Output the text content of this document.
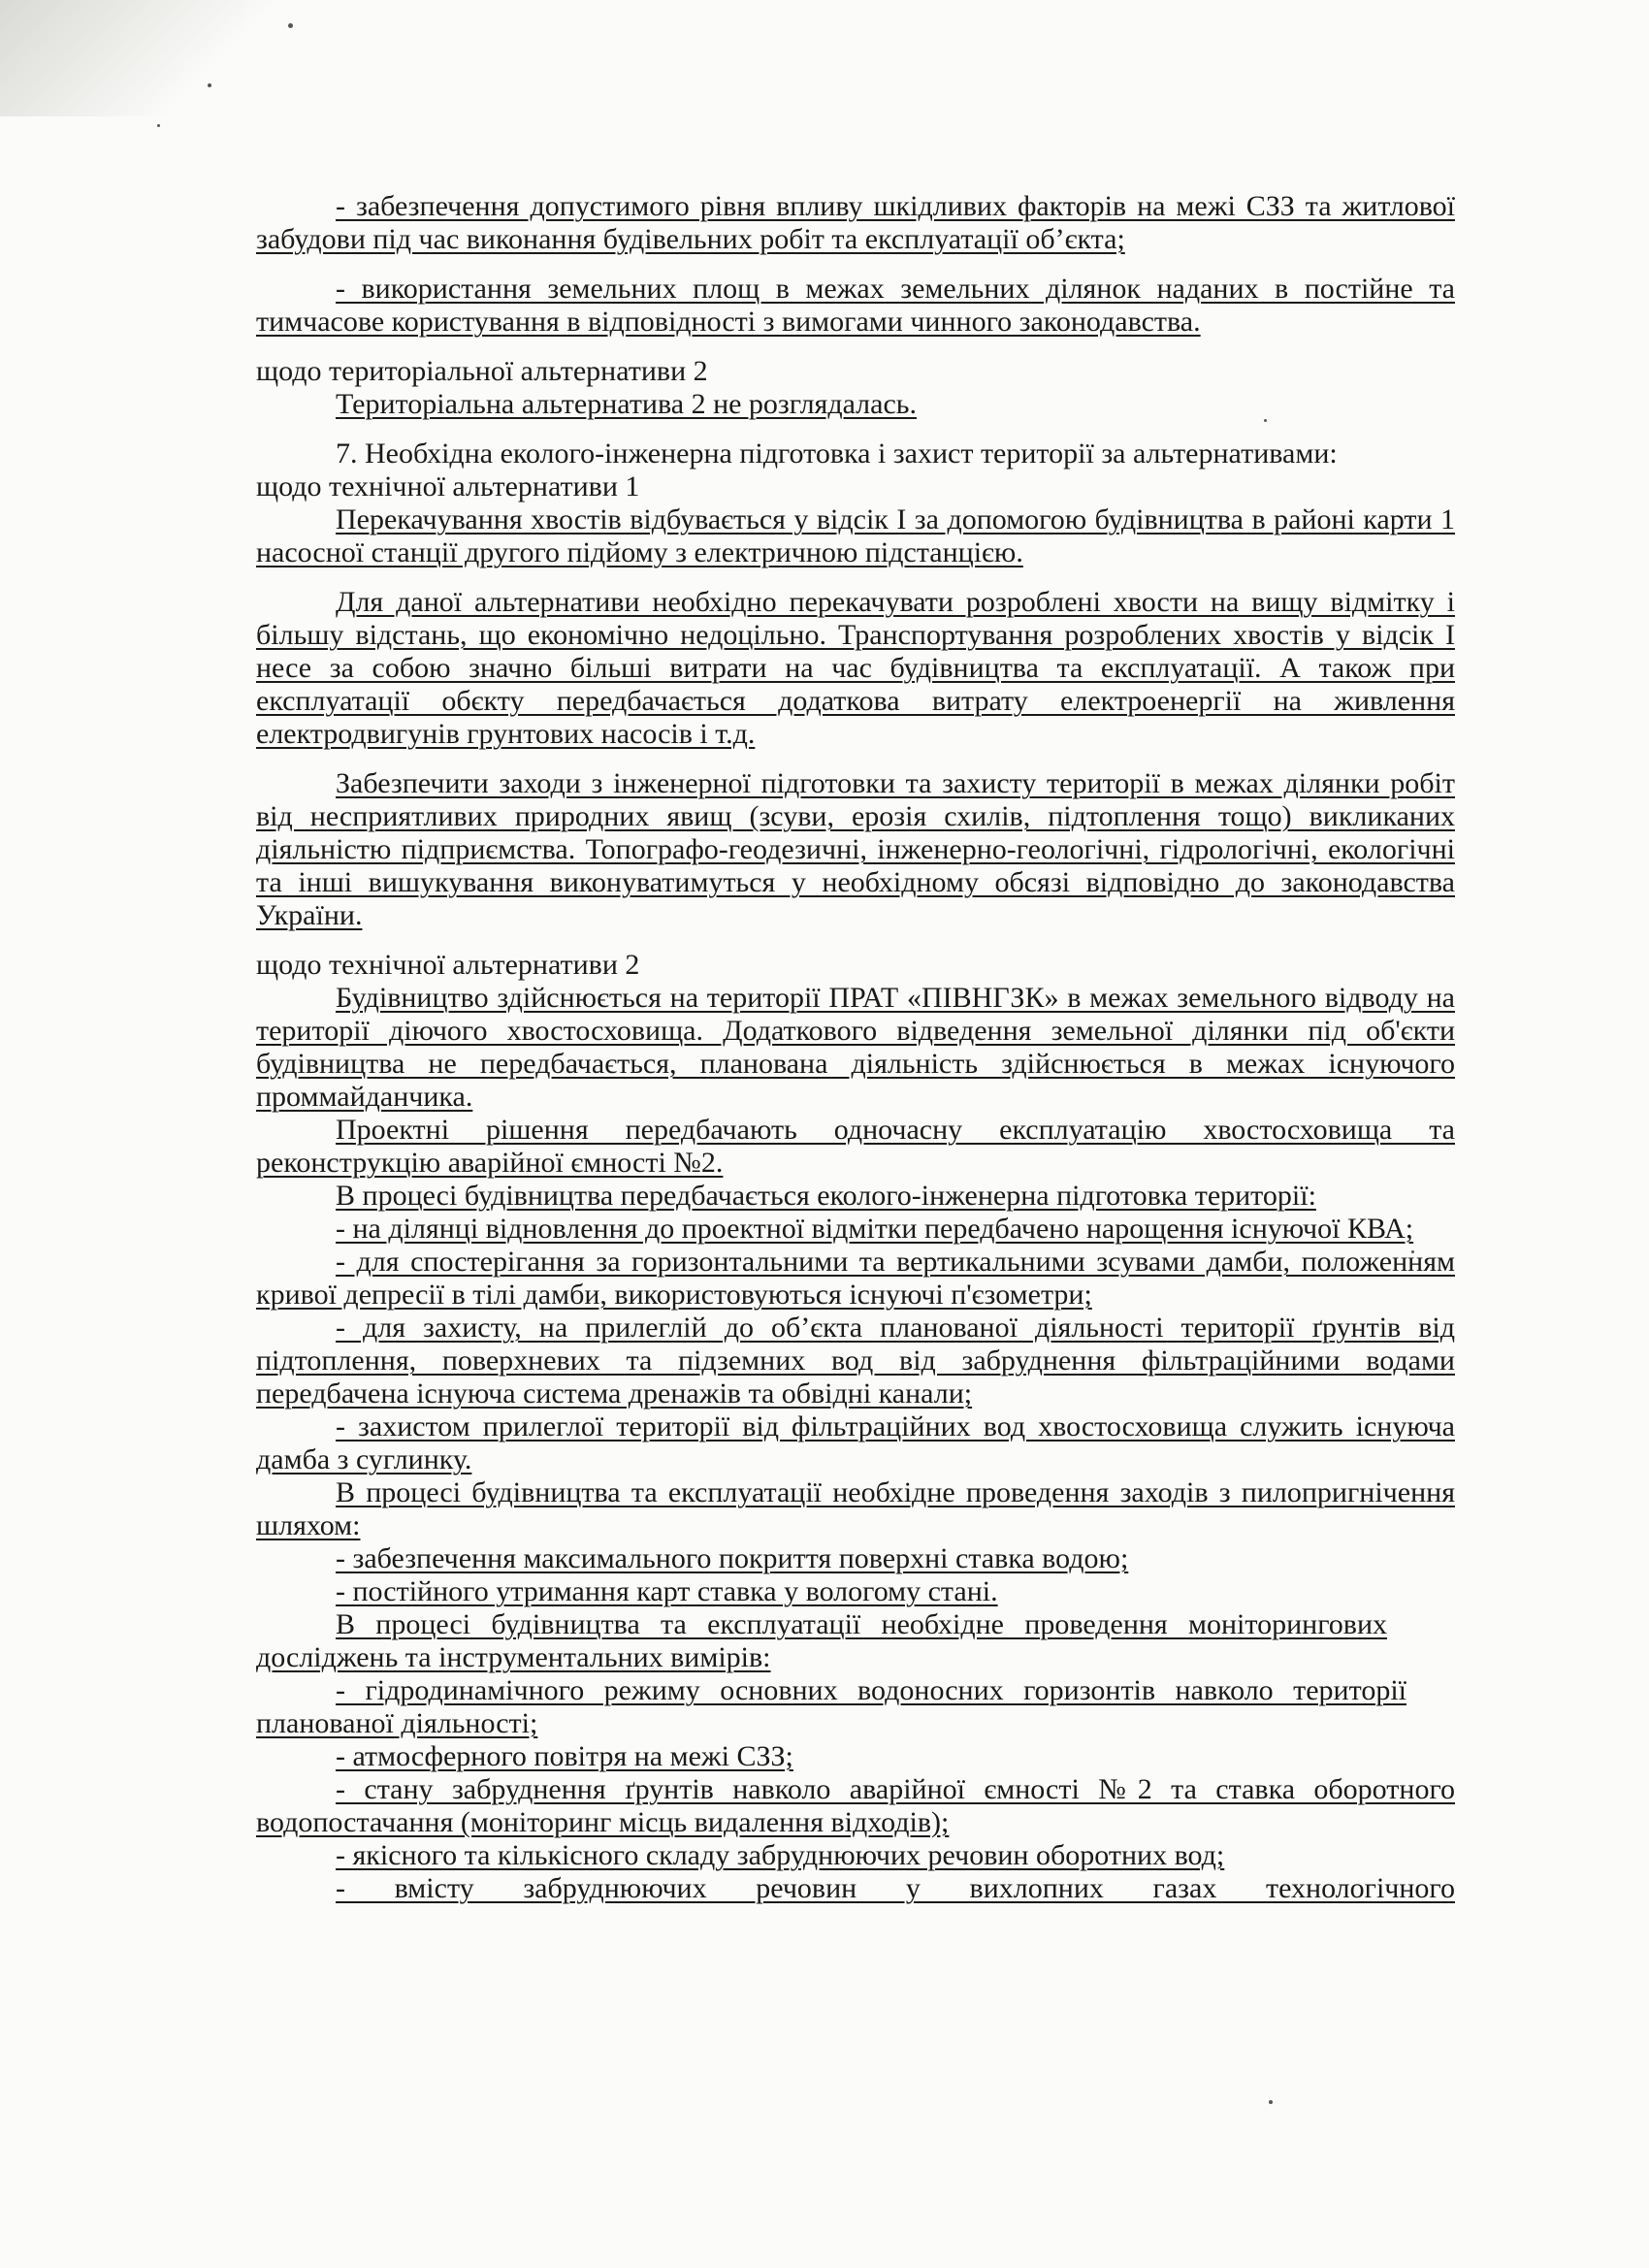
- забезпечення допустимого рівня впливу шкідливих факторів на межі СЗЗ та житлової забудови під час виконання будівельних робіт та експлуатації об’єкта;

- використання земельних площ в межах земельних ділянок наданих в постійне та тимчасове користування в відповідності з вимогами чинного законодавства.

щодо територіальної альтернативи 2

Територіальна альтернатива 2 не розглядалась.

7. Необхідна еколого-інженерна підготовка і захист території за альтернативами:

щодо технічної альтернативи 1

Перекачування хвостів відбувається у відсік І за допомогою будівництва в районі карти 1 насосної станції другого підйому з електричною підстанцією.

Для даної альтернативи необхідно перекачувати розроблені хвости на вищу відмітку і більшу відстань, що економічно недоцільно. Транспортування розроблених хвостів у відсік І несе за собою значно більші витрати на час будівництва та експлуатації. А також при експлуатації обєкту передбачається додаткова витрату електроенергії на живлення електродвигунів грунтових насосів і т.д.

Забезпечити заходи з інженерної підготовки та захисту території в межах ділянки робіт від несприятливих природних явищ (зсуви, ерозія схилів, підтоплення тощо) викликаних діяльністю підприємства. Топографо-геодезичні, інженерно-геологічні, гідрологічні, екологічні та інші вишукування виконуватимуться у необхідному обсязі відповідно до законодавства України.

щодо технічної альтернативи 2

Будівництво здійснюється на території ПРАТ «ПІВНГЗК» в межах земельного відводу на території діючого хвостосховища. Додаткового відведення земельної ділянки під об'єкти будівництва не передбачається, планована діяльність здійснюється в межах існуючого проммайданчика.

Проектні рішення передбачають одночасну експлуатацію хвостосховища та реконструкцію аварійної ємності №2.

В процесі будівництва передбачається еколого-інженерна підготовка території:

- на ділянці відновлення до проектної відмітки передбачено нарощення існуючої КВА;

- для спостерігання за горизонтальними та вертикальними зсувами дамби, положенням кривої депресії в тілі дамби, використовуються існуючі п'єзометри;

- для захисту, на прилеглій до об’єкта планованої діяльності території ґрунтів від підтоплення, поверхневих та підземних вод від забруднення фільтраційними водами передбачена існуюча система дренажів та обвідні канали;

- захистом прилеглої території від фільтраційних вод хвостосховища служить існуюча дамба з суглинку.

В процесі будівництва та експлуатації необхідне проведення заходів з пилопригнічення шляхом:

- забезпечення максимального покриття поверхні ставка водою;

- постійного утримання карт ставка у вологому стані.

В процесі будівництва та експлуатації необхідне проведення моніторингових досліджень та інструментальних вимірів:

- гідродинамічного режиму основних водоносних горизонтів навколо території планованої діяльності;

- атмосферного повітря на межі СЗЗ;

- стану забруднення ґрунтів навколо аварійної ємності №2 та ставка оборотного водопостачання (моніторинг місць видалення відходів);

- якісного та кількісного складу забруднюючих речовин оборотних вод;

- вмісту забруднюючих речовин у вихлопних газах технологічного
